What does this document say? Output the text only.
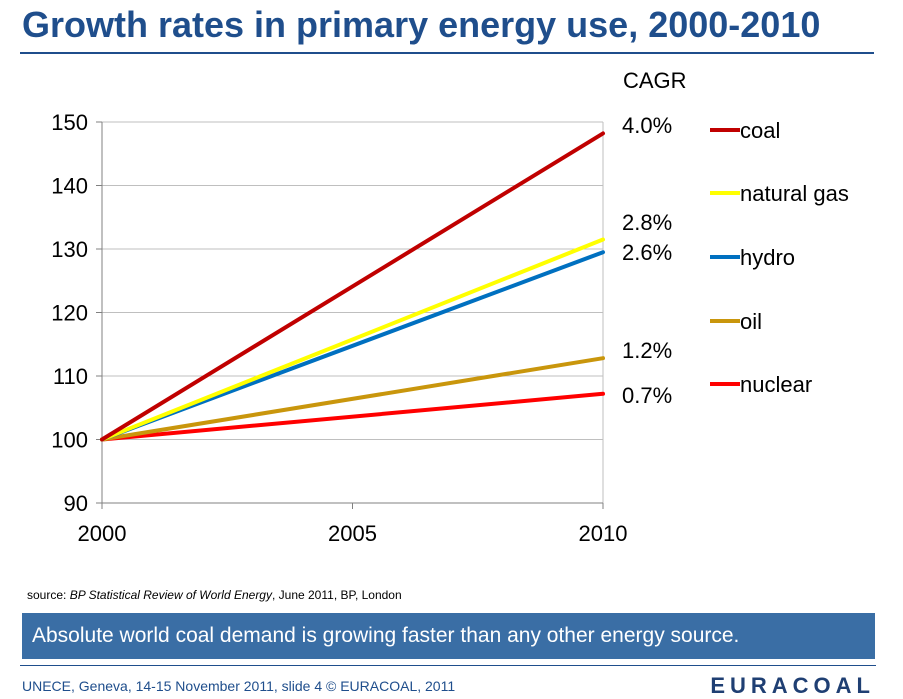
Growth rates in primary energy use, 2000-2010
90
100
110
120
130
140
150
2000	2005	2010
CAGR
4.0%
2.8%
2.6%
1.2%
0.7%
coal
natural gas
hydro
oil
nuclear
source: BP Statistical Review of World Energy, June 2011, BP, London
Absolute world coal demand is growing faster than any other energy source.
UNECE, Geneva, 14-15 November 2011, slide 4 © EURACOAL, 2011	EURACOAL
